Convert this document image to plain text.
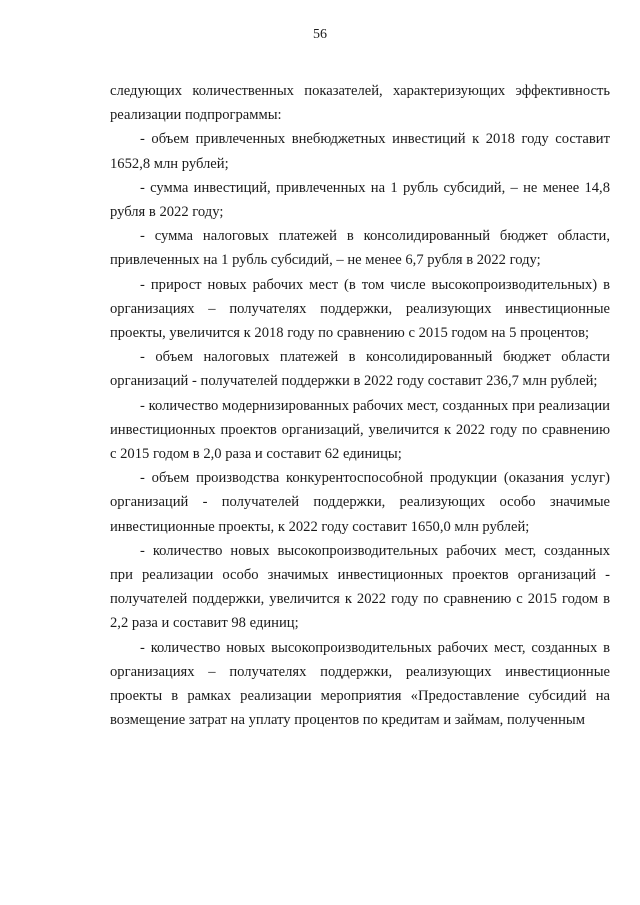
56

следующих количественных показателей, характеризующих эффективность реализации подпрограммы:

- объем привлеченных внебюджетных инвестиций к 2018 году составит 1652,8 млн рублей;

- сумма инвестиций, привлеченных на 1 рубль субсидий, – не менее 14,8 рубля в 2022 году;

- сумма налоговых платежей в консолидированный бюджет области, привлеченных на 1 рубль субсидий, – не менее 6,7 рубля в 2022 году;

- прирост новых рабочих мест (в том числе высокопроизводительных) в организациях – получателях поддержки, реализующих инвестиционные проекты, увеличится к 2018 году по сравнению с 2015 годом на 5 процентов;

- объем налоговых платежей в консолидированный бюджет области организаций - получателей поддержки в 2022 году составит 236,7 млн рублей;

- количество модернизированных рабочих мест, созданных при реализации инвестиционных проектов организаций, увеличится к 2022 году по сравнению с 2015 годом в 2,0 раза и составит 62 единицы;

- объем производства конкурентоспособной продукции (оказания услуг) организаций - получателей поддержки, реализующих особо значимые инвестиционные проекты, к 2022 году составит 1650,0 млн рублей;

- количество новых высокопроизводительных рабочих мест, созданных при реализации особо значимых инвестиционных проектов организаций - получателей поддержки, увеличится к 2022 году по сравнению с 2015 годом в 2,2 раза и составит 98 единиц;

- количество новых высокопроизводительных рабочих мест, созданных в организациях – получателях поддержки, реализующих инвестиционные проекты в рамках реализации мероприятия «Предоставление субсидий на возмещение затрат на уплату процентов по кредитам и займам, полученным
